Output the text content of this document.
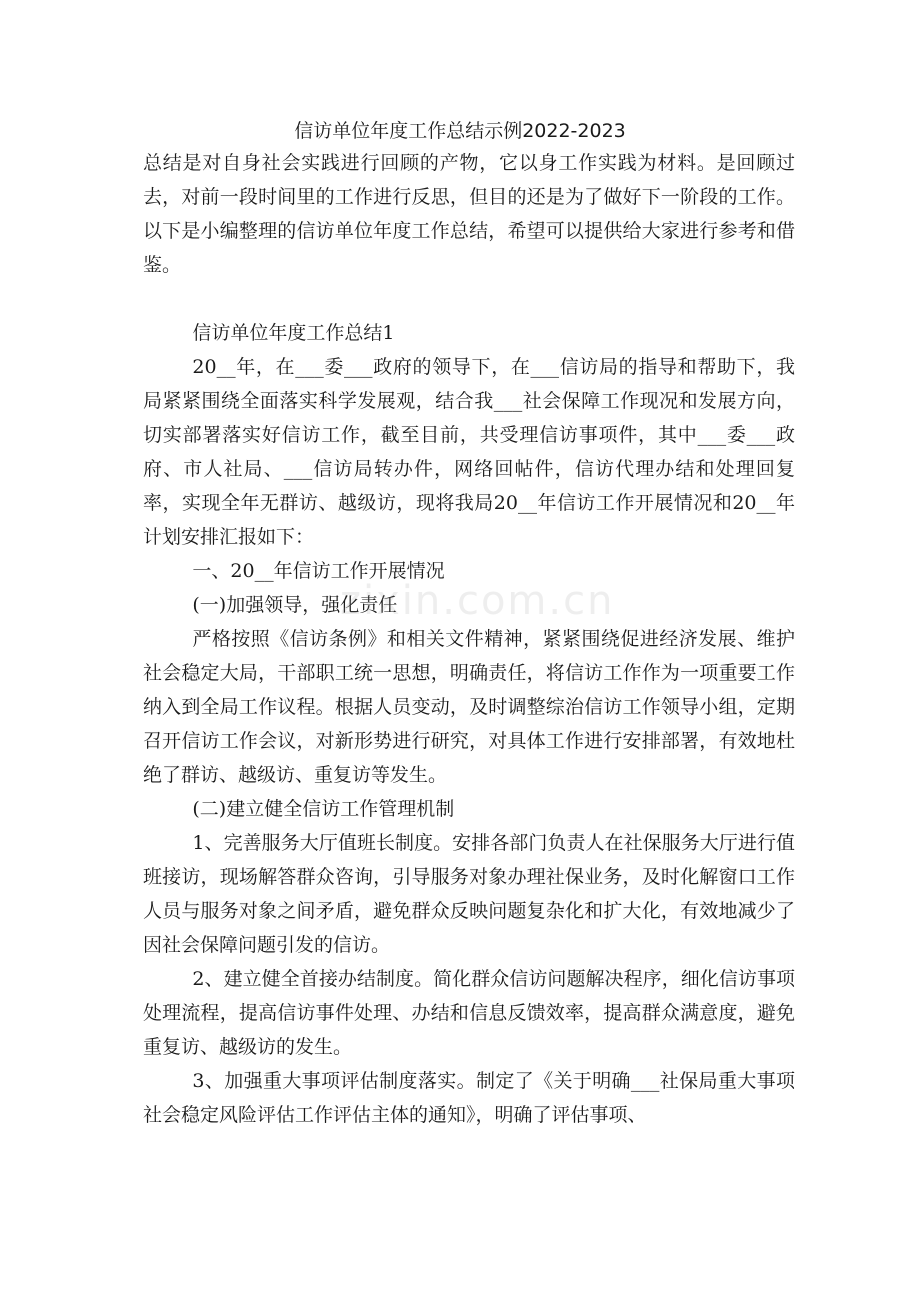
信访单位年度工作总结示例2022-2023

总结是对自身社会实践进行回顾的产物，它以身工作实践为材料。是回顾过去，对前一段时间里的工作进行反思，但目的还是为了做好下一阶段的工作。以下是小编整理的信访单位年度工作总结，希望可以提供给大家进行参考和借鉴。

信访单位年度工作总结1

20__年，在___委___政府的领导下，在___信访局的指导和帮助下，我局紧紧围绕全面落实科学发展观，结合我___社会保障工作现况和发展方向，切实部署落实好信访工作，截至目前，共受理信访事项件，其中___委___政府、市人社局、___信访局转办件，网络回帖件，信访代理办结和处理回复率，实现全年无群访、越级访，现将我局20__年信访工作开展情况和20__年计划安排汇报如下：

一、20__年信访工作开展情况

(一)加强领导，强化责任

严格按照《信访条例》和相关文件精神，紧紧围绕促进经济发展、维护社会稳定大局，干部职工统一思想，明确责任，将信访工作作为一项重要工作纳入到全局工作议程。根据人员变动，及时调整综治信访工作领导小组，定期召开信访工作会议，对新形势进行研究，对具体工作进行安排部署，有效地杜绝了群访、越级访、重复访等发生。

(二)建立健全信访工作管理机制

1、完善服务大厅值班长制度。安排各部门负责人在社保服务大厅进行值班接访，现场解答群众咨询，引导服务对象办理社保业务，及时化解窗口工作人员与服务对象之间矛盾，避免群众反映问题复杂化和扩大化，有效地减少了因社会保障问题引发的信访。

2、建立健全首接办结制度。简化群众信访问题解决程序，细化信访事项处理流程，提高信访事件处理、办结和信息反馈效率，提高群众满意度，避免重复访、越级访的发生。

3、加强重大事项评估制度落实。制定了《关于明确___社保局重大事项社会稳定风险评估工作评估主体的通知》，明确了评估事项、

zixin.com.cn
